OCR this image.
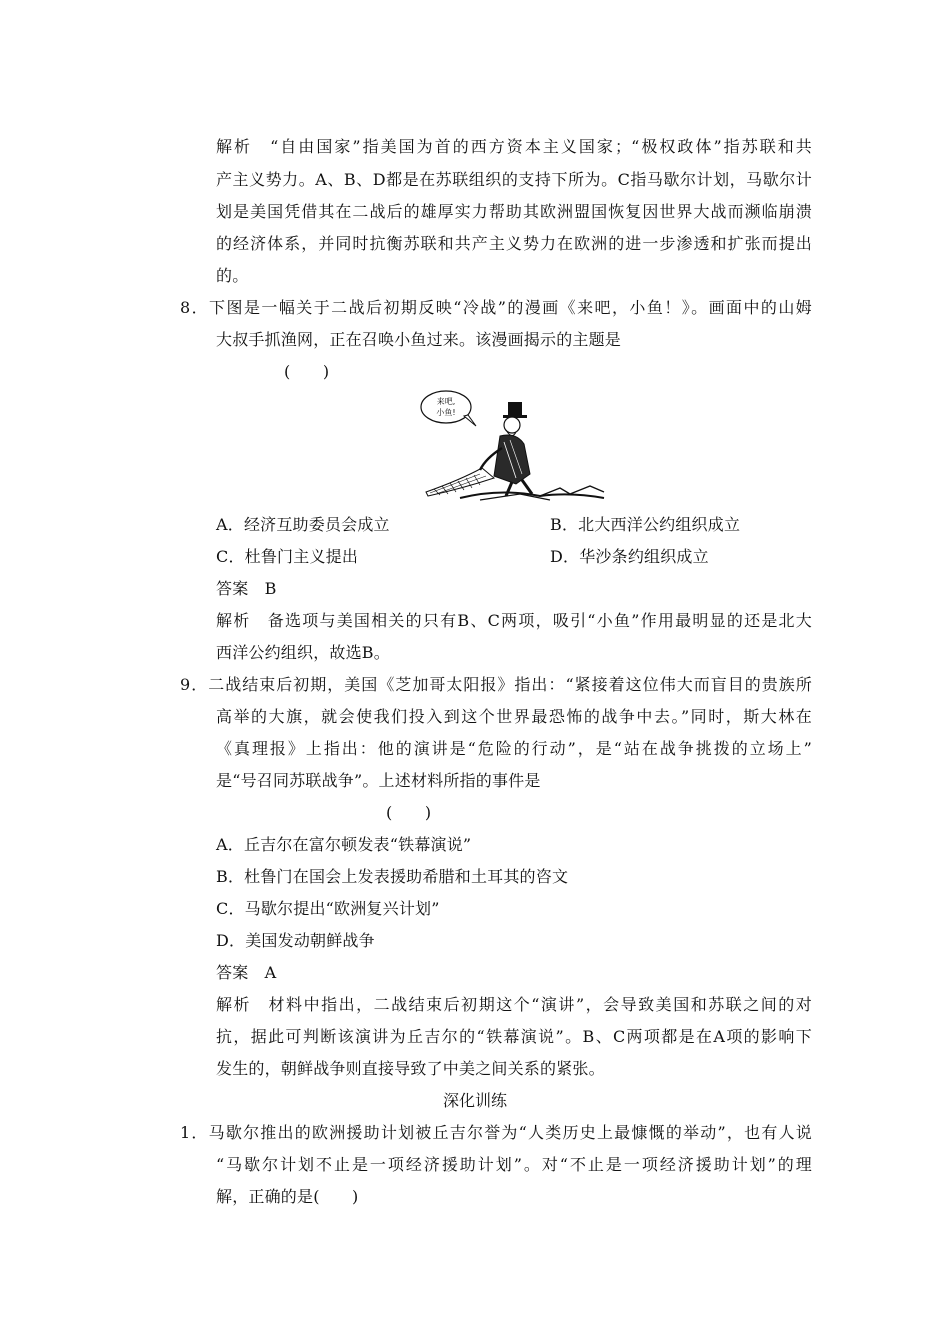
解析　“自由国家”指美国为首的西方资本主义国家；“极权政体”指苏联和共
产主义势力。A、B、D都是在苏联组织的支持下所为。C指马歇尔计划，马歇尔计
划是美国凭借其在二战后的雄厚实力帮助其欧洲盟国恢复因世界大战而濒临崩溃
的经济体系，并同时抗衡苏联和共产主义势力在欧洲的进一步渗透和扩张而提出
的。
8．下图是一幅关于二战后初期反映“冷战”的漫画《来吧，小鱼！》。画面中的山姆
大叔手抓渔网，正在召唤小鱼过来。该漫画揭示的主题是
(　　)
来吧,
小鱼!
A．经济互助委员会成立	B．北大西洋公约组织成立
C．杜鲁门主义提出	D．华沙条约组织成立
答案　B
解析　备选项与美国相关的只有B、C两项，吸引“小鱼”作用最明显的还是北大
西洋公约组织，故选B。
9．二战结束后初期，美国《芝加哥太阳报》指出：“紧接着这位伟大而盲目的贵族所
高举的大旗，就会使我们投入到这个世界最恐怖的战争中去。”同时，斯大林在
《真理报》上指出：他的演讲是“危险的行动”，是“站在战争挑拨的立场上”
是“号召同苏联战争”。上述材料所指的事件是
(　　)
A．丘吉尔在富尔顿发表“铁幕演说”
B．杜鲁门在国会上发表援助希腊和土耳其的咨文
C．马歇尔提出“欧洲复兴计划”
D．美国发动朝鲜战争
答案　A
解析　材料中指出，二战结束后初期这个“演讲”，会导致美国和苏联之间的对
抗，据此可判断该演讲为丘吉尔的“铁幕演说”。B、C两项都是在A项的影响下
发生的，朝鲜战争则直接导致了中美之间关系的紧张。
深化训练
1．马歇尔推出的欧洲援助计划被丘吉尔誉为“人类历史上最慷慨的举动”，也有人说
“马歇尔计划不止是一项经济援助计划”。对“不止是一项经济援助计划”的理
解，正确的是(　　)
